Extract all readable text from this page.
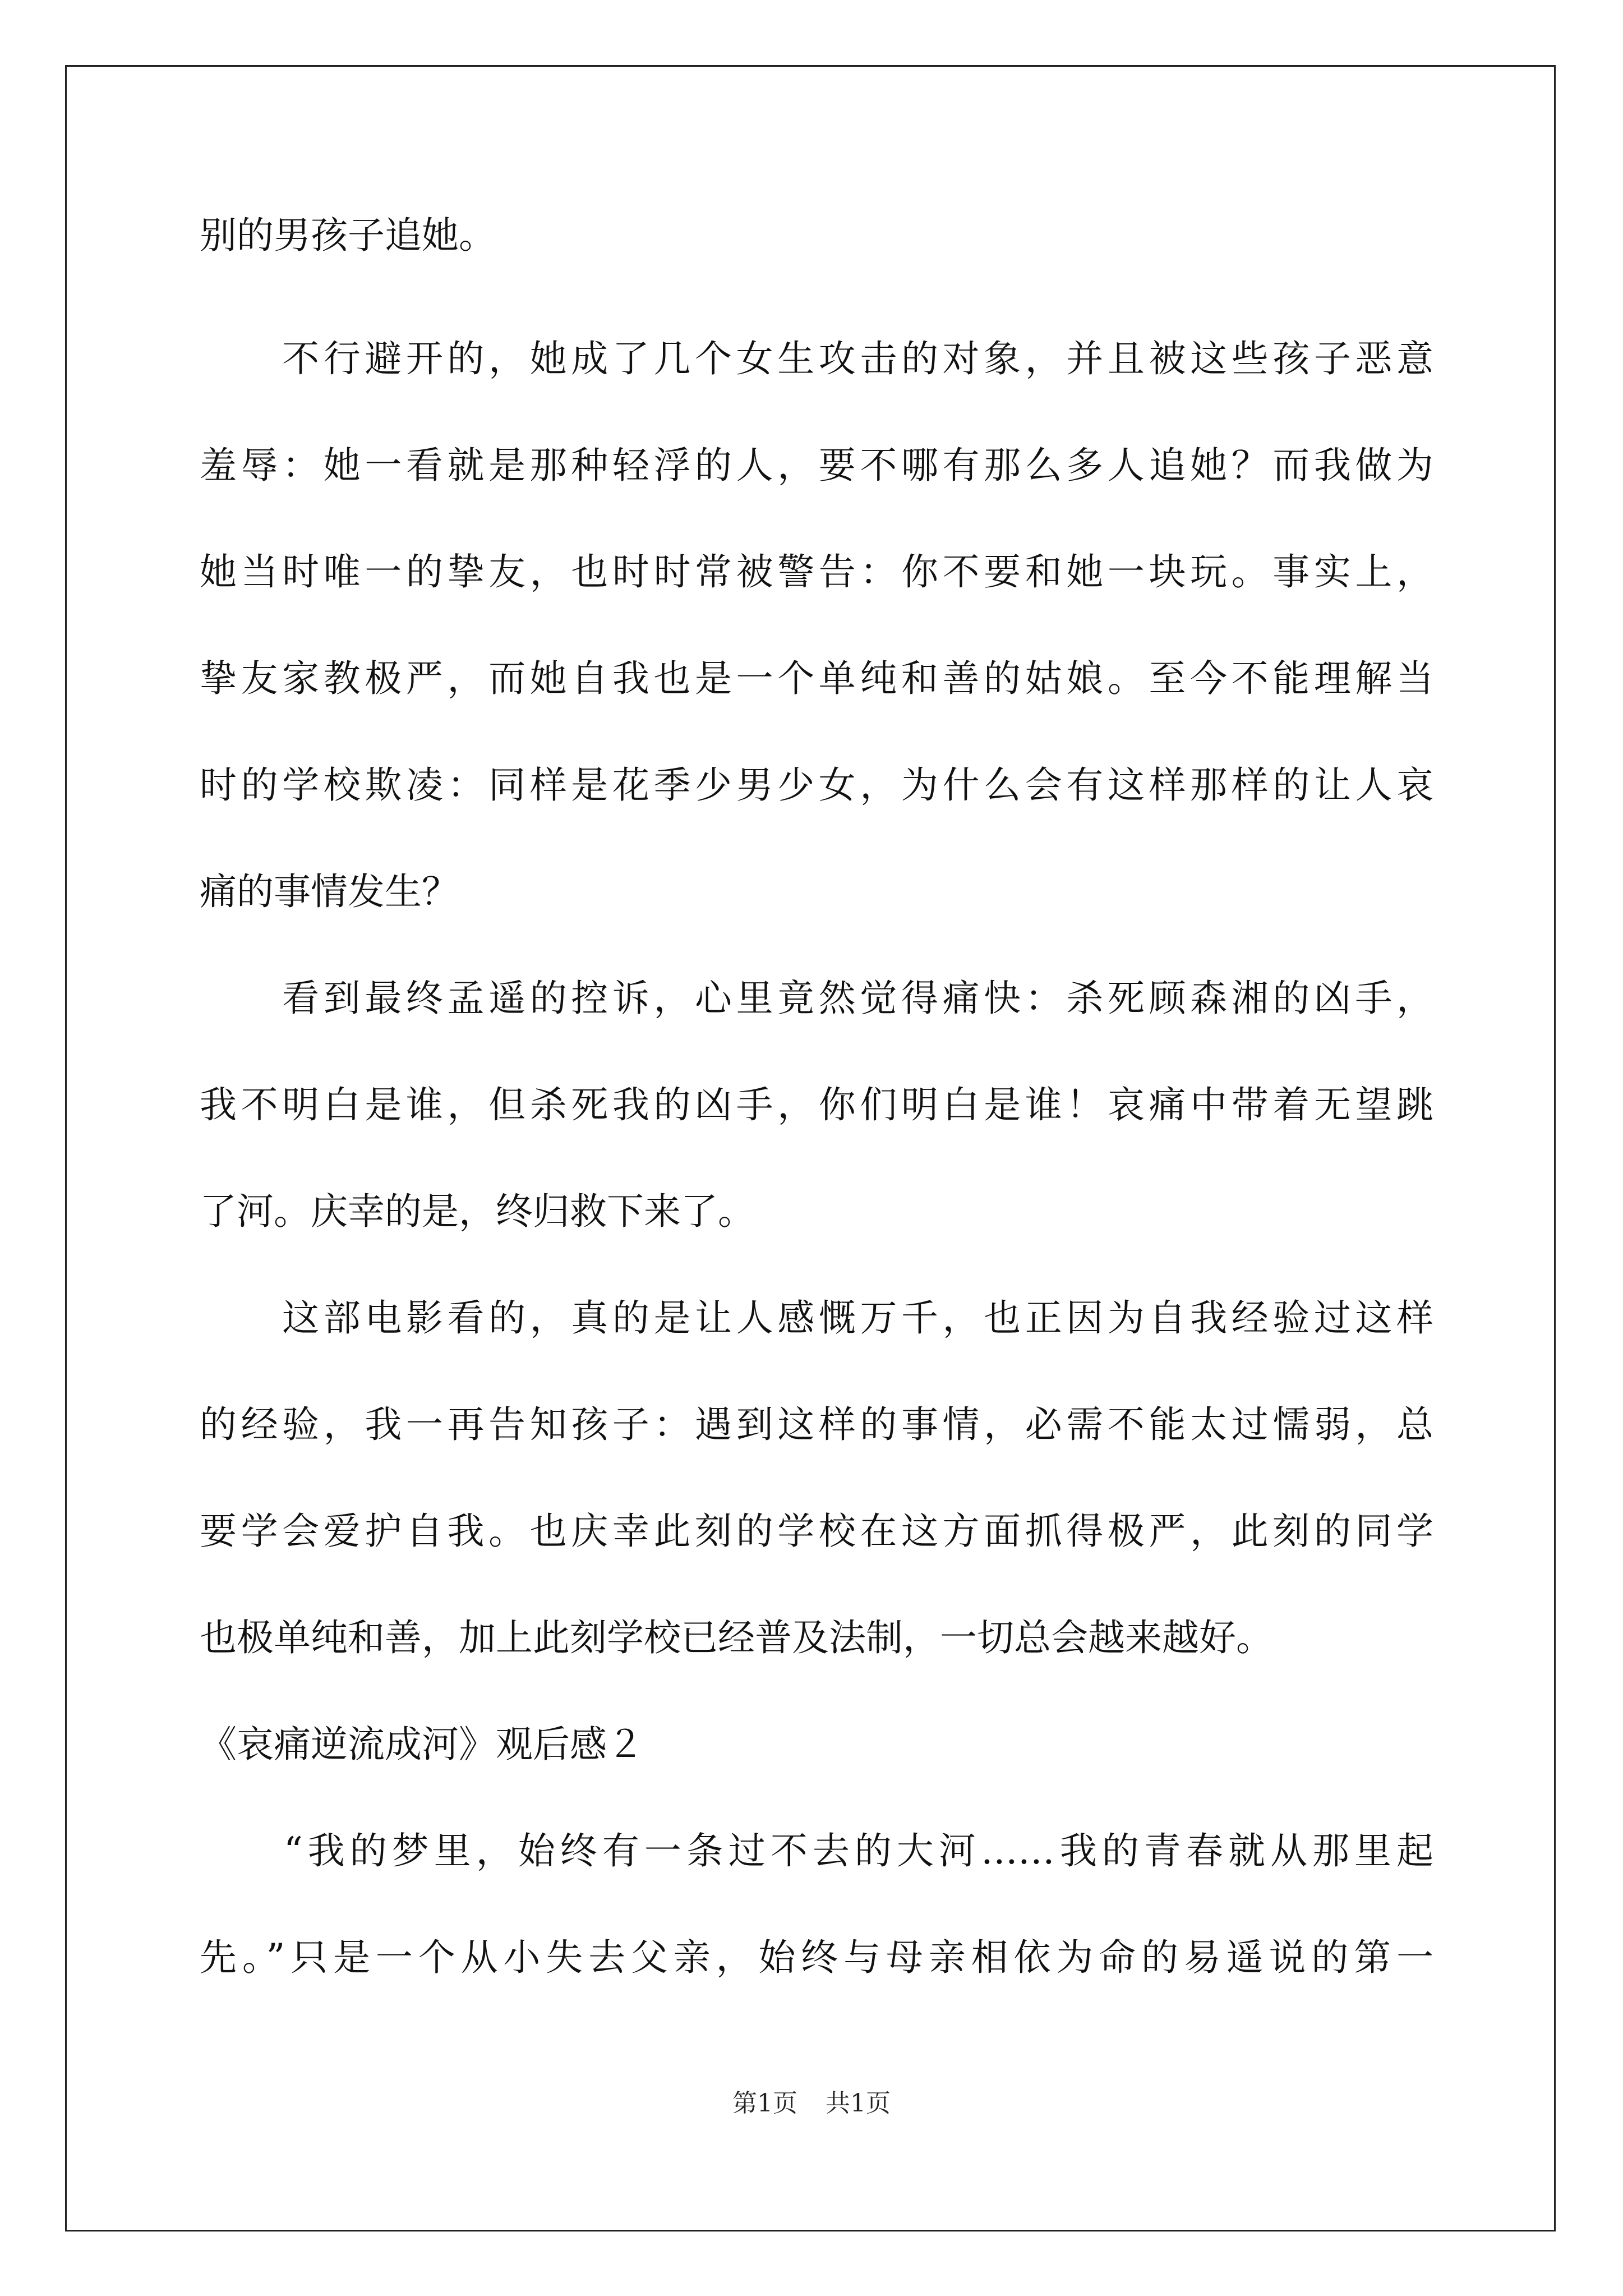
别的男孩子追她。
　　不行避开的，她成了几个女生攻击的对象，并且被这些孩子恶意
羞辱：她一看就是那种轻浮的人，要不哪有那么多人追她？而我做为
她当时唯一的挚友，也时时常被警告：你不要和她一块玩。事实上，
挚友家教极严，而她自我也是一个单纯和善的姑娘。至今不能理解当
时的学校欺凌：同样是花季少男少女，为什么会有这样那样的让人哀
痛的事情发生？
　　看到最终孟遥的控诉，心里竟然觉得痛快：杀死顾森湘的凶手，
我不明白是谁，但杀死我的凶手，你们明白是谁！哀痛中带着无望跳
了河。庆幸的是，终归救下来了。
　　这部电影看的，真的是让人感慨万千，也正因为自我经验过这样
的经验，我一再告知孩子：遇到这样的事情，必需不能太过懦弱，总
要学会爱护自我。也庆幸此刻的学校在这方面抓得极严，此刻的同学
也极单纯和善，加上此刻学校已经普及法制，一切总会越来越好。
《哀痛逆流成河》观后感２
　　“我的梦里，始终有一条过不去的大河……我的青春就从那里起
先。”只是一个从小失去父亲，始终与母亲相依为命的易遥说的第一
第1页 共1页
